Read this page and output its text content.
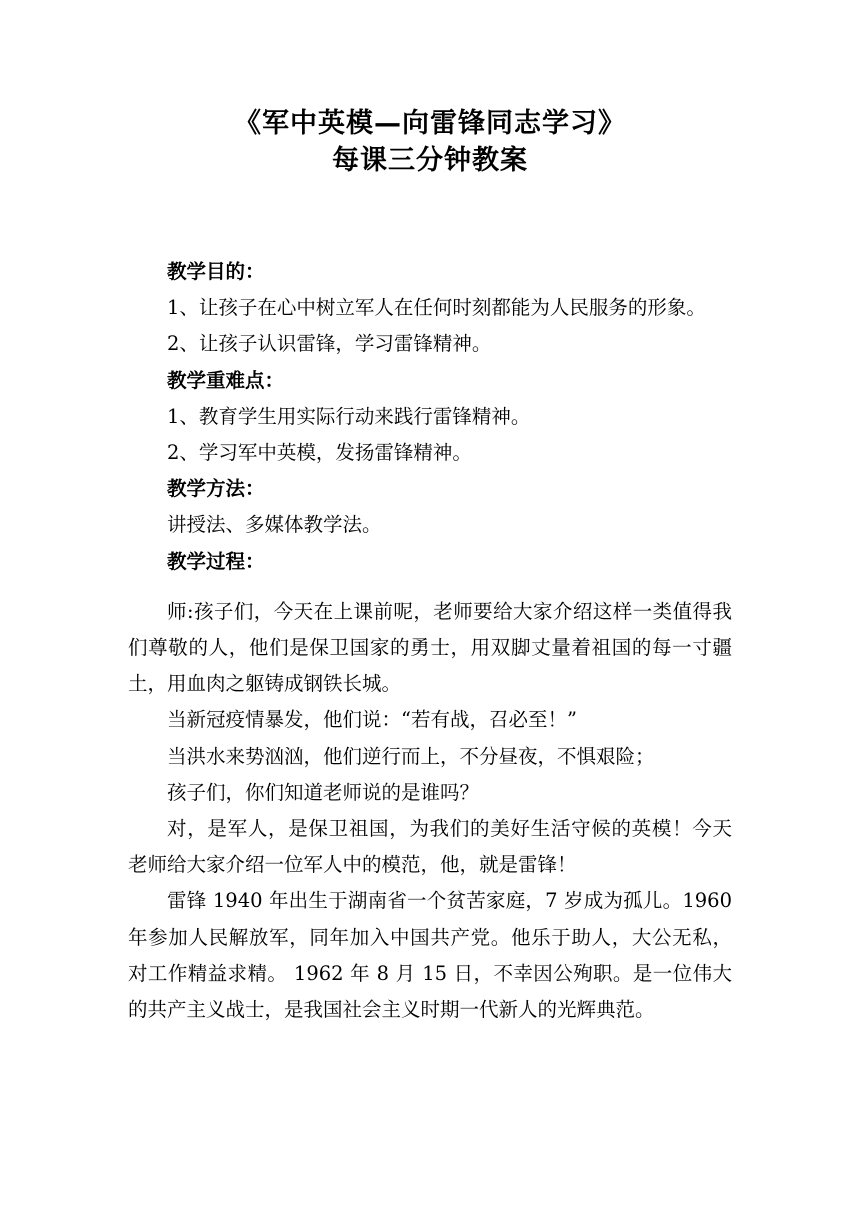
《军中英模—向雷锋同志学习》
每课三分钟教案

教学目的：

1、让孩子在心中树立军人在任何时刻都能为人民服务的形象。

2、让孩子认识雷锋，学习雷锋精神。

教学重难点：

1、教育学生用实际行动来践行雷锋精神。

2、学习军中英模，发扬雷锋精神。

教学方法：

讲授法、多媒体教学法。

教学过程：

师:孩子们，今天在上课前呢，老师要给大家介绍这样一类值得我们尊敬的人，他们是保卫国家的勇士，用双脚丈量着祖国的每一寸疆土，用血肉之躯铸成钢铁长城。

当新冠疫情暴发，他们说：“若有战，召必至！”

当洪水来势汹汹，他们逆行而上，不分昼夜，不惧艰险；

孩子们，你们知道老师说的是谁吗？

对，是军人，是保卫祖国，为我们的美好生活守候的英模！今天老师给大家介绍一位军人中的模范，他，就是雷锋！

雷锋 1940 年出生于湖南省一个贫苦家庭，7 岁成为孤儿。1960 年参加人民解放军，同年加入中国共产党。他乐于助人，大公无私，对工作精益求精。 1962 年 8 月 15 日，不幸因公殉职。是一位伟大的共产主义战士，是我国社会主义时期一代新人的光辉典范。
